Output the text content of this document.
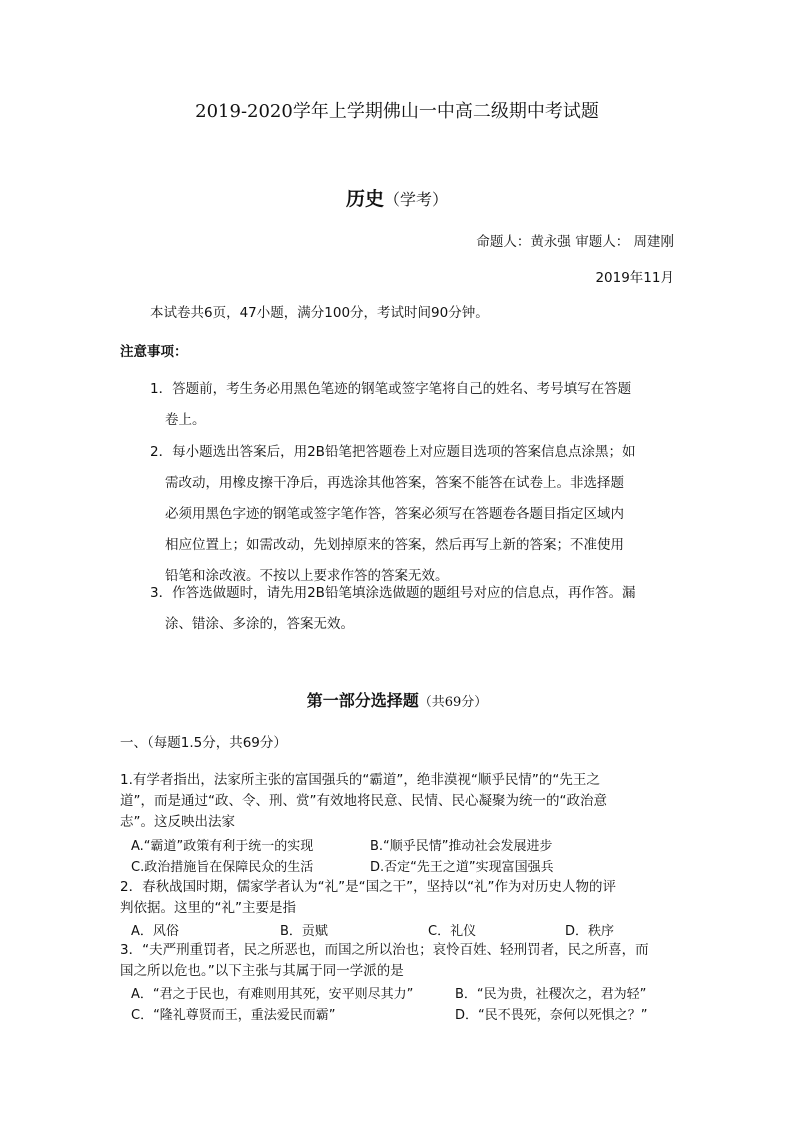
2019-2020学年上学期佛山一中高二级期中考试题
历史（学考）
命题人：黄永强 审题人： 周建刚
2019年11月
本试卷共6页，47小题，满分100分，考试时间90分钟。
注意事项：
1．答题前，考生务必用黑色笔迹的钢笔或签字笔将自己的姓名、考号填写在答题
卷上。
2．每小题选出答案后，用2B铅笔把答题卷上对应题目选项的答案信息点涂黑；如
需改动，用橡皮擦干净后，再选涂其他答案，答案不能答在试卷上。非选择题
必须用黑色字迹的钢笔或签字笔作答，答案必须写在答题卷各题目指定区域内
相应位置上；如需改动，先划掉原来的答案，然后再写上新的答案；不准使用
铅笔和涂改液。不按以上要求作答的答案无效。
3．作答选做题时，请先用2B铅笔填涂选做题的题组号对应的信息点，再作答。漏
涂、错涂、多涂的，答案无效。
第一部分选择题（共69分）
一、（每题1.5分，共69分）
1.有学者指出，法家所主张的富国强兵的“霸道”，绝非漠视“顺乎民情”的“先王之
道”，而是通过“政、令、刑、赏”有效地将民意、民情、民心凝聚为统一的“政治意
志”。这反映出法家
A.“霸道”政策有利于统一的实现	B.“顺乎民情”推动社会发展进步
C.政治措施旨在保障民众的生活	D.否定“先王之道”实现富国强兵
2．春秋战国时期，儒家学者认为“礼”是“国之干”，坚持以“礼”作为对历史人物的评
判依据。这里的“礼”主要是指
A．风俗	B．贡赋	C．礼仪	D．秩序
3．“夫严刑重罚者，民之所恶也，而国之所以治也；哀怜百姓、轻刑罚者，民之所喜，而
国之所以危也。”以下主张与其属于同一学派的是
A．“君之于民也，有难则用其死，安平则尽其力”	B．“民为贵，社稷次之，君为轻”
C．“隆礼尊贤而王，重法爱民而霸”	D．“民不畏死，奈何以死惧之？”
